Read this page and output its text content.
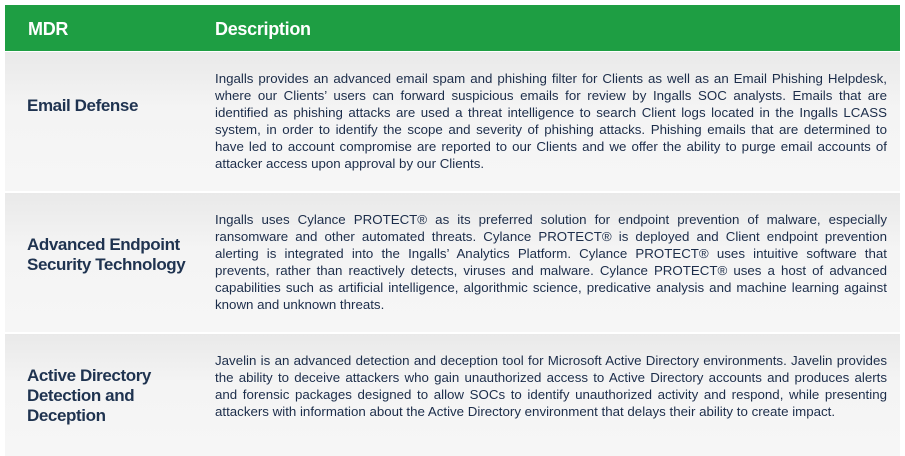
MDR	Description
Email Defense
Ingalls provides an advanced email spam and phishing filter for Clients as well as an Email Phishing Helpdesk, where our Clients’ users can forward suspicious emails for review by Ingalls SOC analysts. Emails that are identified as phishing attacks are used a threat intelligence to search Client logs located in the Ingalls LCASS system, in order to identify the scope and severity of phishing attacks. Phishing emails that are determined to have led to account compromise are reported to our Clients and we offer the ability to purge email accounts of attacker access upon approval by our Clients.
Advanced Endpoint
Security Technology
Ingalls uses Cylance PROTECT® as its preferred solution for endpoint prevention of malware, especially ransomware and other automated threats. Cylance PROTECT® is deployed and Client endpoint prevention alerting is integrated into the Ingalls’ Analytics Platform. Cylance PROTECT® uses intuitive software that prevents, rather than reactively detects, viruses and malware. Cylance PROTECT® uses a host of advanced capabilities such as artificial intelligence, algorithmic science, predicative analysis and machine learning against known and unknown threats.
Active Directory
Detection and
Deception
Javelin is an advanced detection and deception tool for Microsoft Active Directory environments. Javelin provides the ability to deceive attackers who gain unauthorized access to Active Directory accounts and produces alerts and forensic packages designed to allow SOCs to identify unauthorized activity and respond, while presenting attackers with information about the Active Directory environment that delays their ability to create impact.
